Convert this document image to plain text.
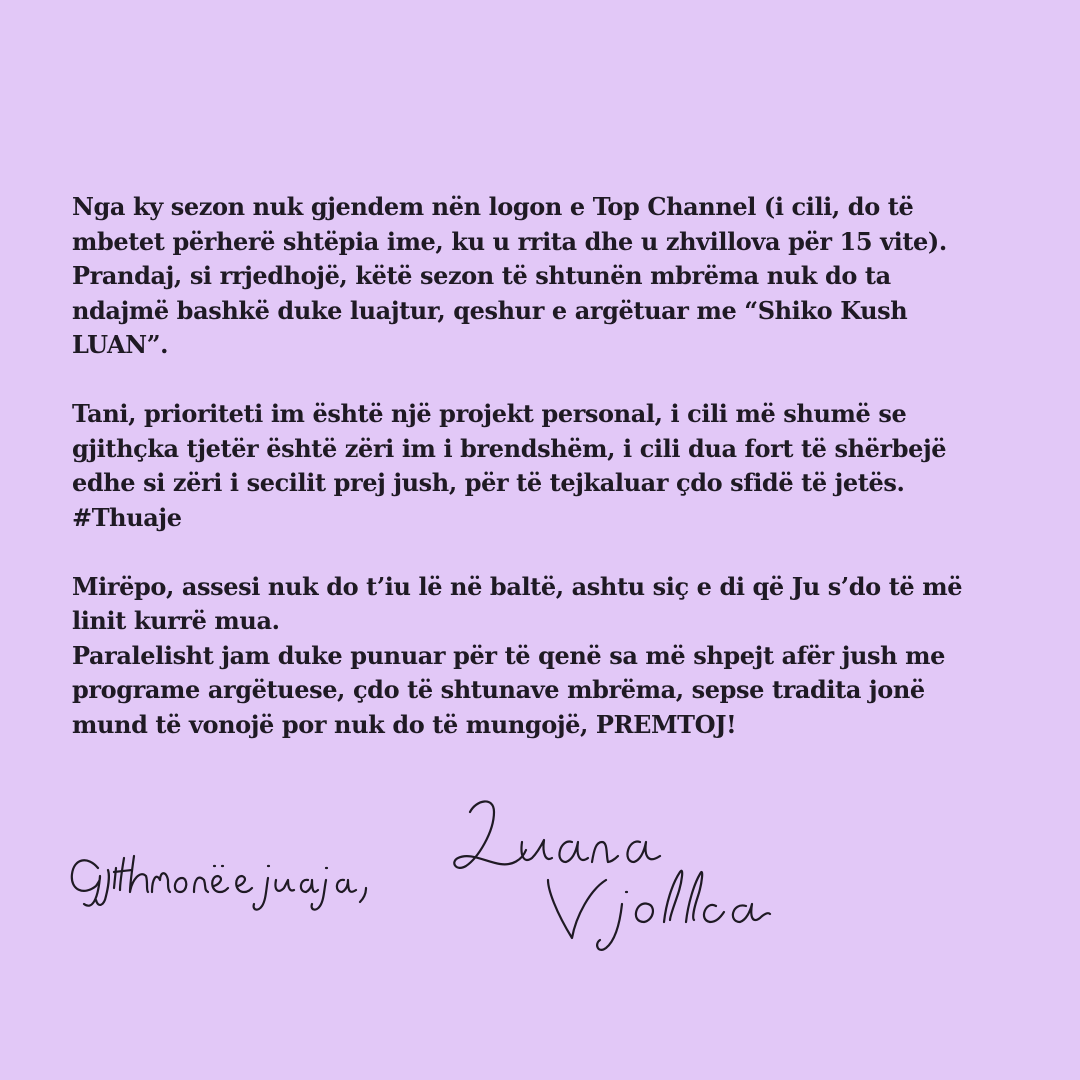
Nga ky sezon nuk gjendem nën logon e Top Channel (i cili, do të
mbetet përherë shtëpia ime, ku u rrita dhe u zhvillova për 15 vite).
Prandaj, si rrjedhojë, këtë sezon të shtunën mbrëma nuk do ta
ndajmë bashkë duke luajtur, qeshur e argëtuar me “Shiko Kush
LUAN”.

Tani, prioriteti im është një projekt personal, i cili më shumë se
gjithçka tjetër është zëri im i brendshëm, i cili dua fort të shërbejë
edhe si zëri i secilit prej jush, për të tejkaluar çdo sfidë të jetës.
#Thuaje

Mirëpo, assesi nuk do t’iu lë në baltë, ashtu siç e di që Ju s’do të më
linit kurrë mua.
Paralelisht jam duke punuar për të qenë sa më shpejt afër jush me
programe argëtuese, çdo të shtunave mbrëma, sepse tradita jonë
mund të vonojë por nuk do të mungojë, PREMTOJ!
